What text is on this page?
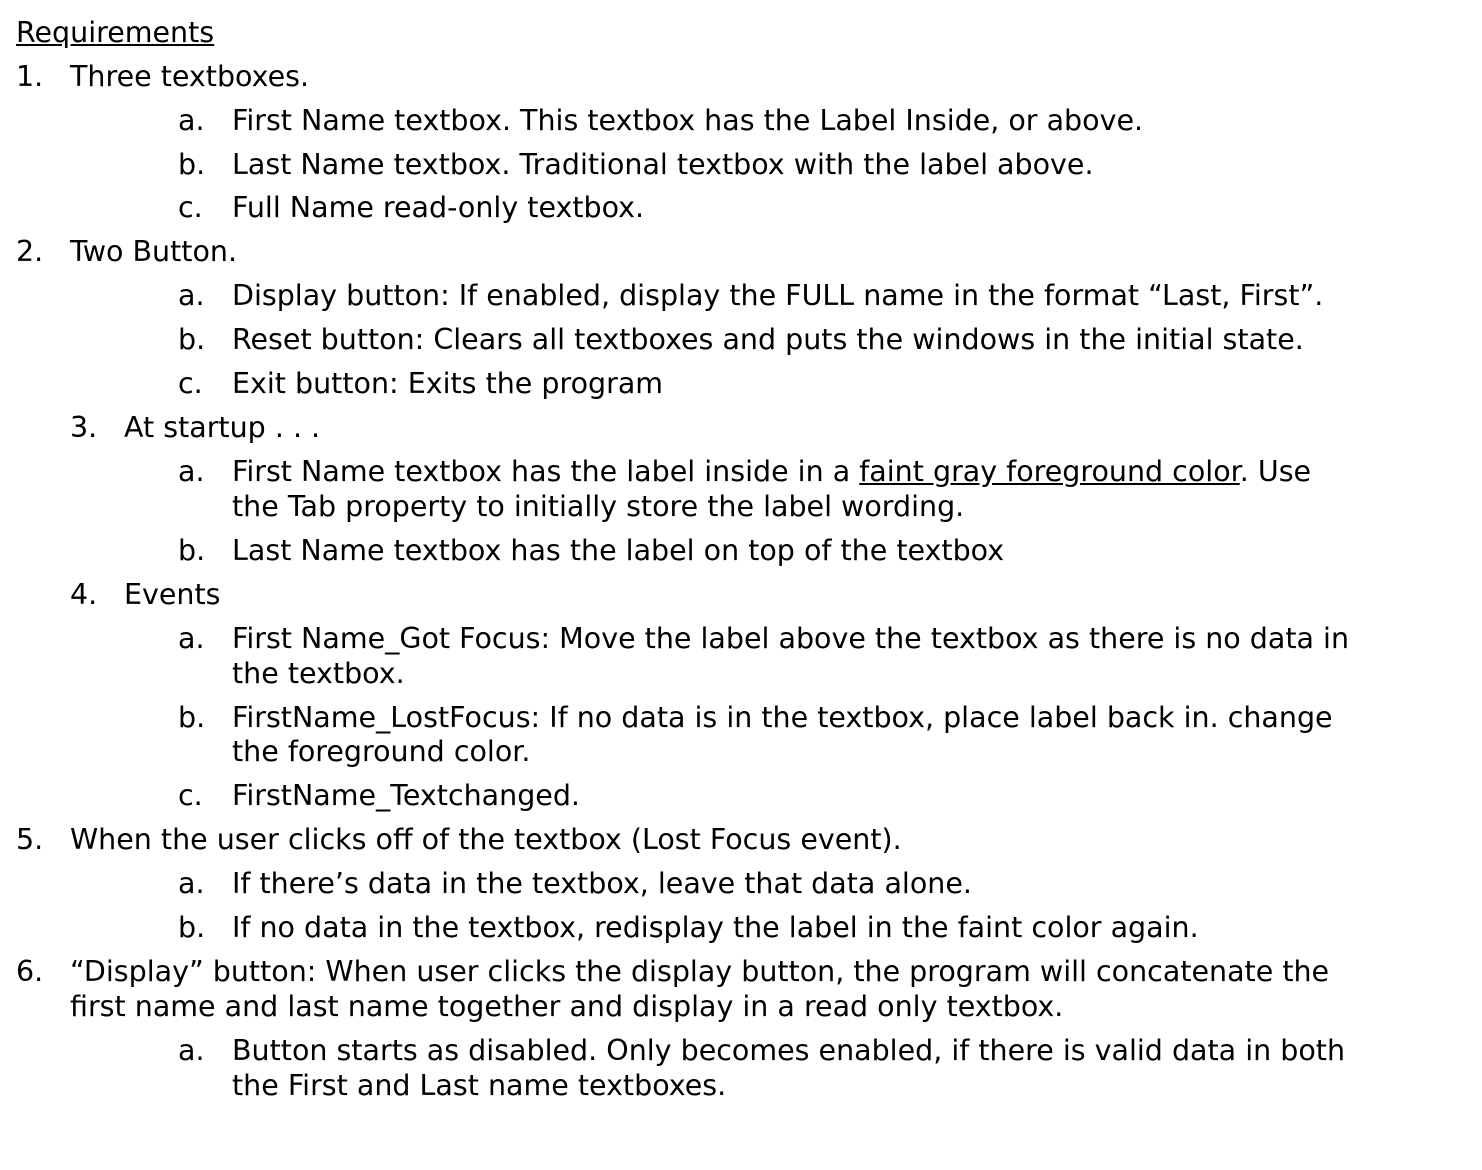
Requirements
1. Three textboxes.
a. First Name textbox. This textbox has the Label Inside, or above.
b. Last Name textbox. Traditional textbox with the label above.
c. Full Name read-only textbox.
2. Two Button.
a. Display button: If enabled, display the FULL name in the format “Last, First”.
b. Reset button: Clears all textboxes and puts the windows in the initial state.
c. Exit button: Exits the program
3. At startup . . .
a. First Name textbox has the label inside in a faint gray foreground color. Use
the Tab property to initially store the label wording.
b. Last Name textbox has the label on top of the textbox
4. Events
a. First Name_Got Focus: Move the label above the textbox as there is no data in
the textbox.
b. FirstName_LostFocus: If no data is in the textbox, place label back in. change
the foreground color.
c. FirstName_Textchanged.
5. When the user clicks off of the textbox (Lost Focus event).
a. If there’s data in the textbox, leave that data alone.
b. If no data in the textbox, redisplay the label in the faint color again.
6. “Display” button: When user clicks the display button, the program will concatenate the
first name and last name together and display in a read only textbox.
a. Button starts as disabled. Only becomes enabled, if there is valid data in both
the First and Last name textboxes.
